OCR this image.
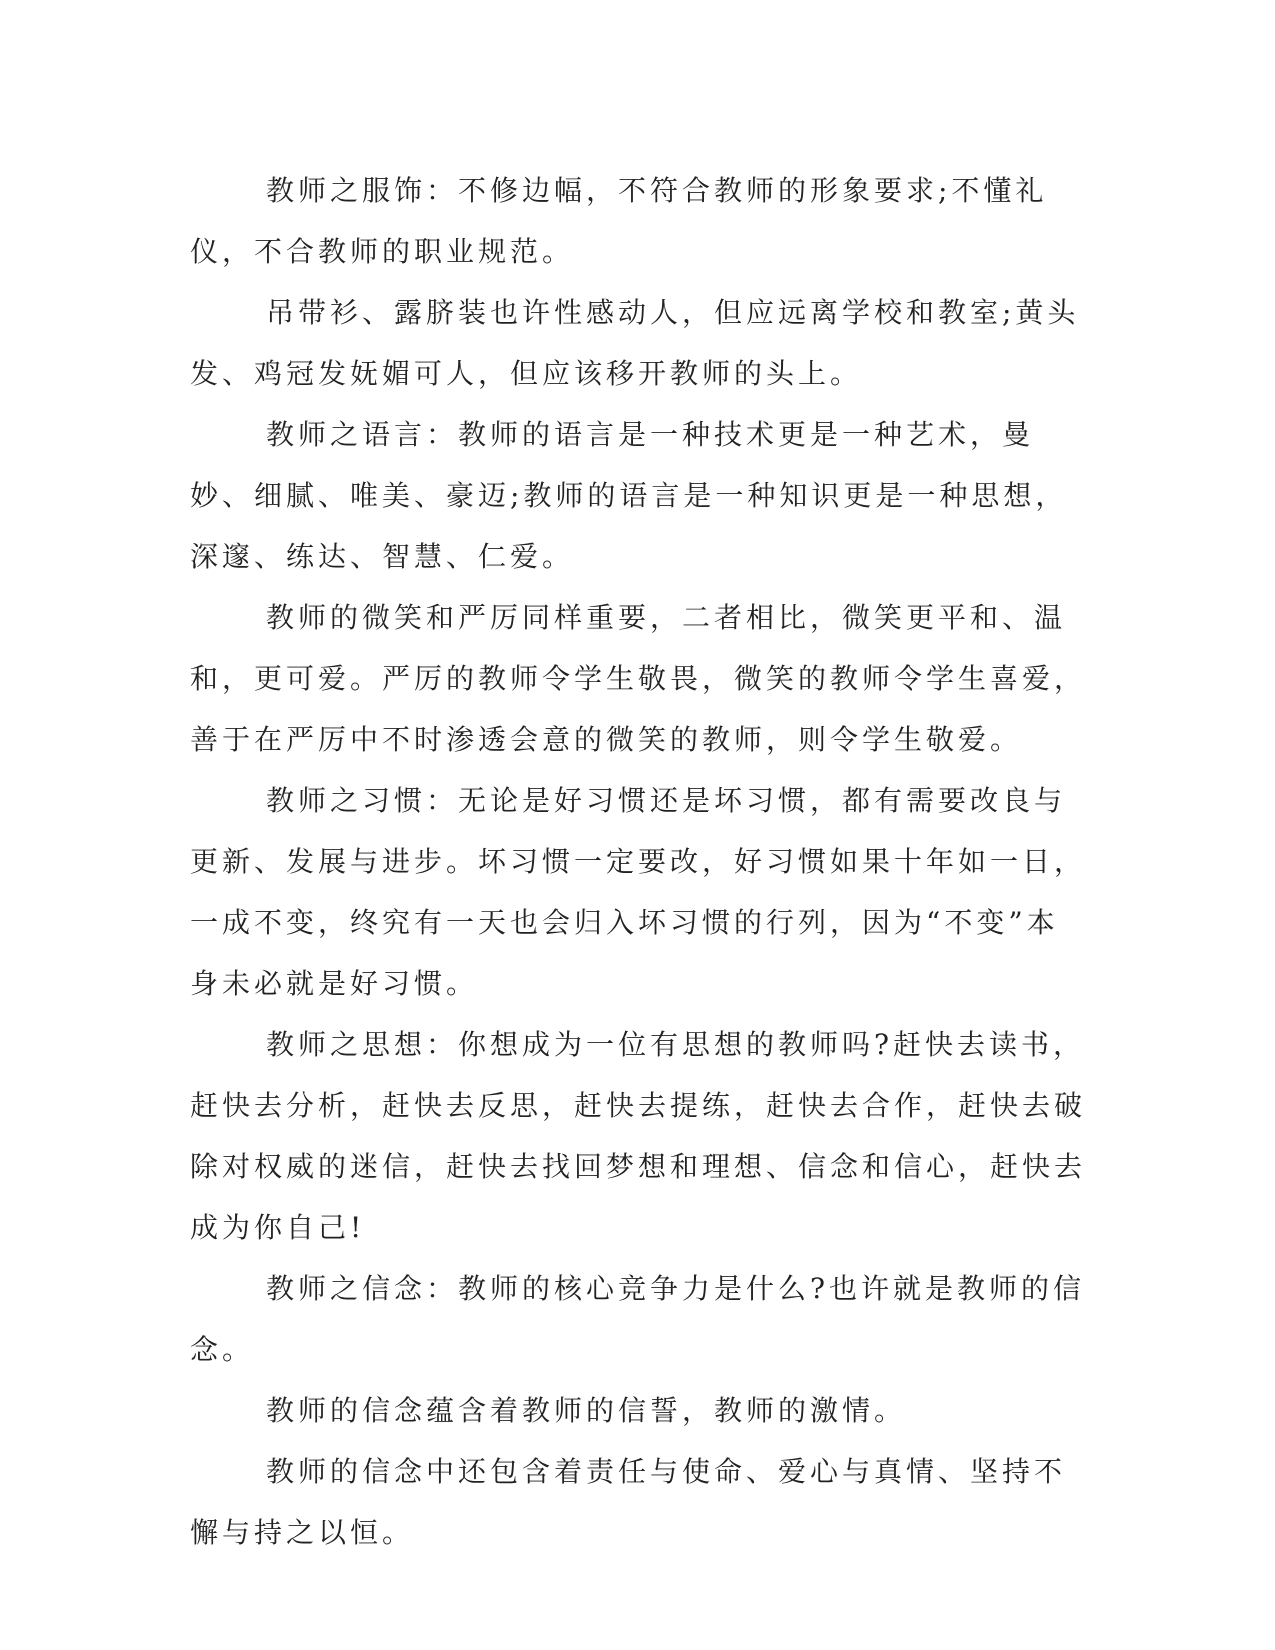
教师之服饰：不修边幅，不符合教师的形象要求;不懂礼仪，不合教师的职业规范。

吊带衫、露脐装也许性感动人，但应远离学校和教室;黄头发、鸡冠发妩媚可人，但应该移开教师的头上。

教师之语言：教师的语言是一种技术更是一种艺术，曼妙、细腻、唯美、豪迈;教师的语言是一种知识更是一种思想，深邃、练达、智慧、仁爱。

教师的微笑和严厉同样重要，二者相比，微笑更平和、温和，更可爱。严厉的教师令学生敬畏，微笑的教师令学生喜爱，善于在严厉中不时渗透会意的微笑的教师，则令学生敬爱。

教师之习惯：无论是好习惯还是坏习惯，都有需要改良与更新、发展与进步。坏习惯一定要改，好习惯如果十年如一日，一成不变，终究有一天也会归入坏习惯的行列，因为“不变”本身未必就是好习惯。

教师之思想：你想成为一位有思想的教师吗?赶快去读书，赶快去分析，赶快去反思，赶快去提练，赶快去合作，赶快去破除对权威的迷信，赶快去找回梦想和理想、信念和信心，赶快去成为你自己!

教师之信念：教师的核心竞争力是什么?也许就是教师的信念。

教师的信念蕴含着教师的信誓，教师的激情。

教师的信念中还包含着责任与使命、爱心与真情、坚持不懈与持之以恒。
